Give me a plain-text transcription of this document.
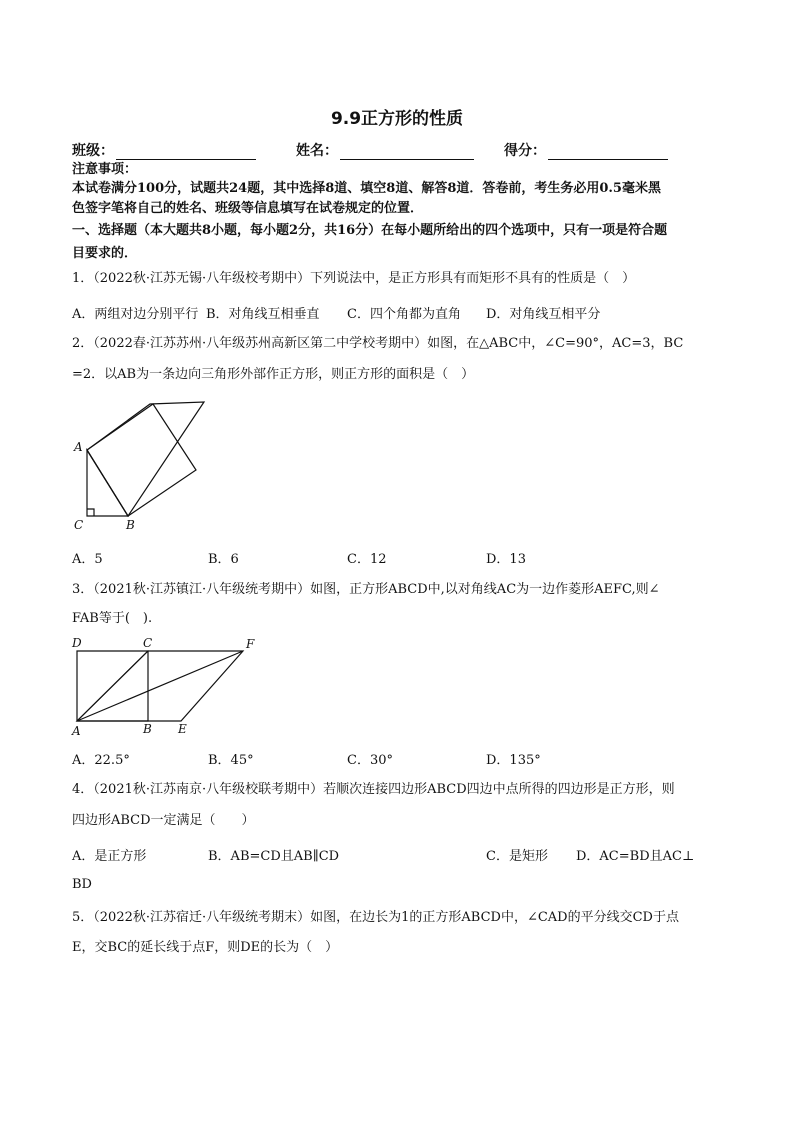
9.9正方形的性质
班级：	姓名：	得分：
注意事项：
本试卷满分100分，试题共24题，其中选择8道、填空8道、解答8道．答卷前，考生务必用0.5毫米黑
色签字笔将自己的姓名、班级等信息填写在试卷规定的位置．
一、选择题（本大题共8小题，每小题2分，共16分）在每小题所给出的四个选项中，只有一项是符合题
目要求的．
1．（2022秋·江苏无锡·八年级校考期中）下列说法中，是正方形具有而矩形不具有的性质是（　）
A．两组对边分别平行 B．对角线互相垂直 C．四个角都为直角 D．对角线互相平分
2．（2022春·江苏苏州·八年级苏州高新区第二中学校考期中）如图，在△ABC中，∠C=90°，AC=3，BC
=2．以AB为一条边向三角形外部作正方形，则正方形的面积是（　）
A
C	B
A．5	B．6	C．12	D．13
3．（2021秋·江苏镇江·八年级统考期中）如图，正方形ABCD中,以对角线AC为一边作菱形AEFC,则∠
FAB等于(　).
D	C	F
A	B E
A．22.5°	B．45°	C．30°	D．135°
4．（2021秋·江苏南京·八年级校联考期中）若顺次连接四边形ABCD四边中点所得的四边形是正方形，则
四边形ABCD一定满足（　　）
A．是正方形	B．AB=CD且AB∥CD	C．是矩形 D．AC=BD且AC⊥
BD
5．（2022秋·江苏宿迁·八年级统考期末）如图，在边长为1的正方形ABCD中，∠CAD的平分线交CD于点
E，交BC的延长线于点F，则DE的长为（　）
